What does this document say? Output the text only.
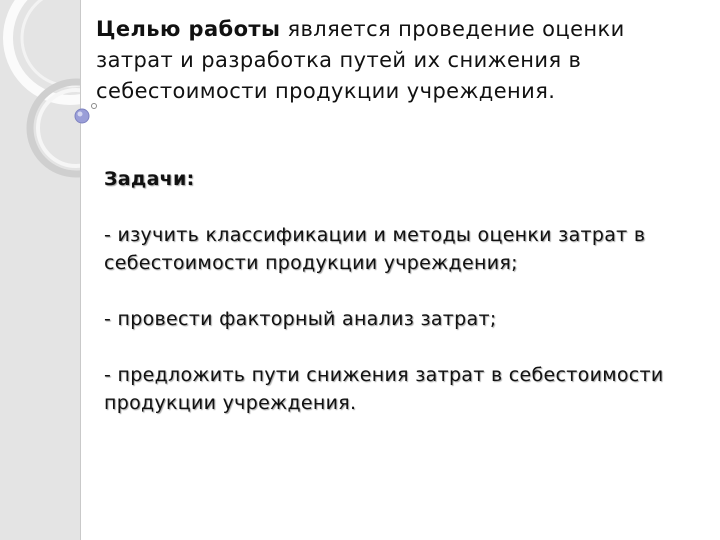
Целью работы является проведение оценки затрат и разработка путей их снижения в себестоимости продукции учреждения.
Задачи:

- изучить классификации и методы оценки затрат в себестоимости продукции учреждения;

- провести факторный анализ затрат;

- предложить пути снижения затрат в себестоимости продукции учреждения.
